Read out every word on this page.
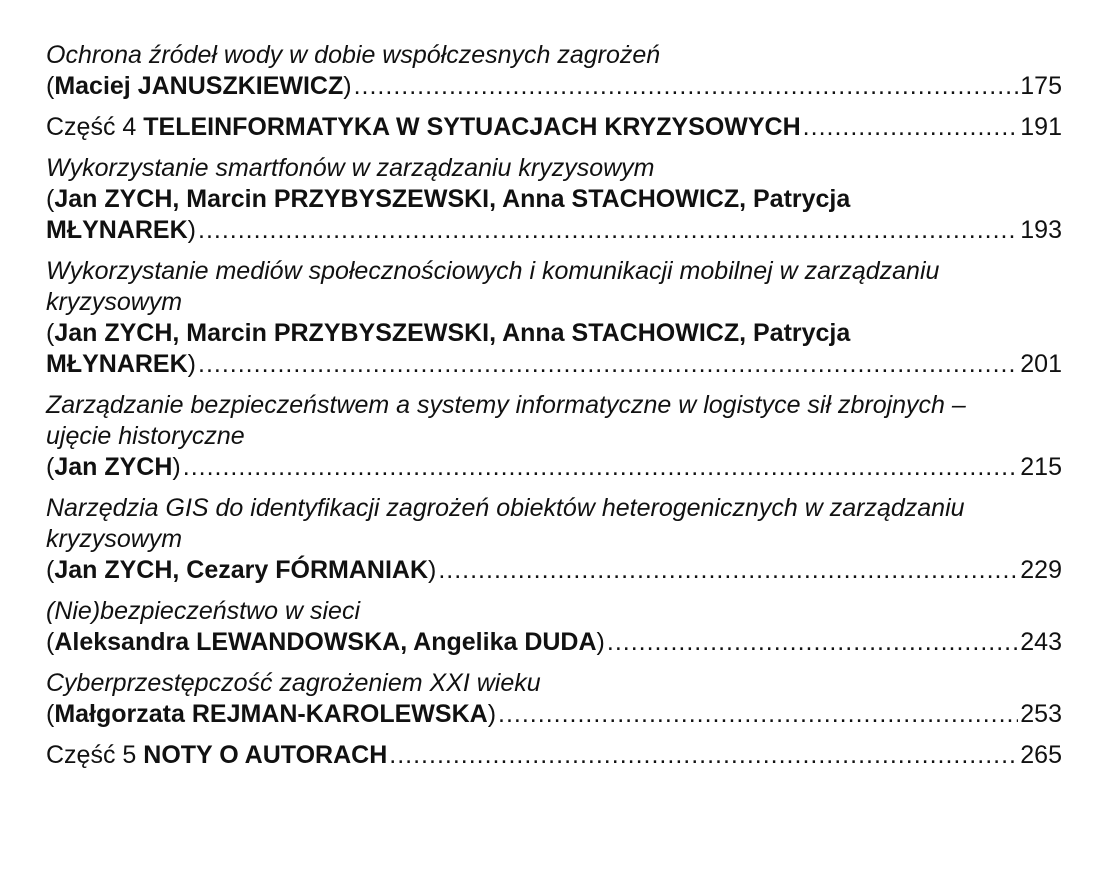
Ochrona źródeł wody w dobie współczesnych zagrożeń
(Maciej JANUSZKIEWICZ) .....	175
Część 4 TELEINFORMATYKA W SYTUACJACH KRYZYSOWYCH .....	191
Wykorzystanie smartfonów w zarządzaniu kryzysowym
(Jan ZYCH, Marcin PRZYBYSZEWSKI, Anna STACHOWICZ, Patrycja
MŁYNAREK) .....	193
Wykorzystanie mediów społecznościowych i komunikacji mobilnej w zarządzaniu
kryzysowym
(Jan ZYCH, Marcin PRZYBYSZEWSKI, Anna STACHOWICZ, Patrycja
MŁYNAREK) .....	201
Zarządzanie bezpieczeństwem a systemy informatyczne w logistyce sił zbrojnych –
ujęcie historyczne
(Jan ZYCH) .....	215
Narzędzia GIS do identyfikacji zagrożeń obiektów heterogenicznych w zarządzaniu
kryzysowym
(Jan ZYCH, Cezary FÓRMANIAK) .....	229
(Nie)bezpieczeństwo w sieci
(Aleksandra LEWANDOWSKA, Angelika DUDA) .....	243
Cyberprzestępczość zagrożeniem XXI wieku
(Małgorzata REJMAN-KAROLEWSKA) .....	253
Część 5 NOTY O AUTORACH .....	265
